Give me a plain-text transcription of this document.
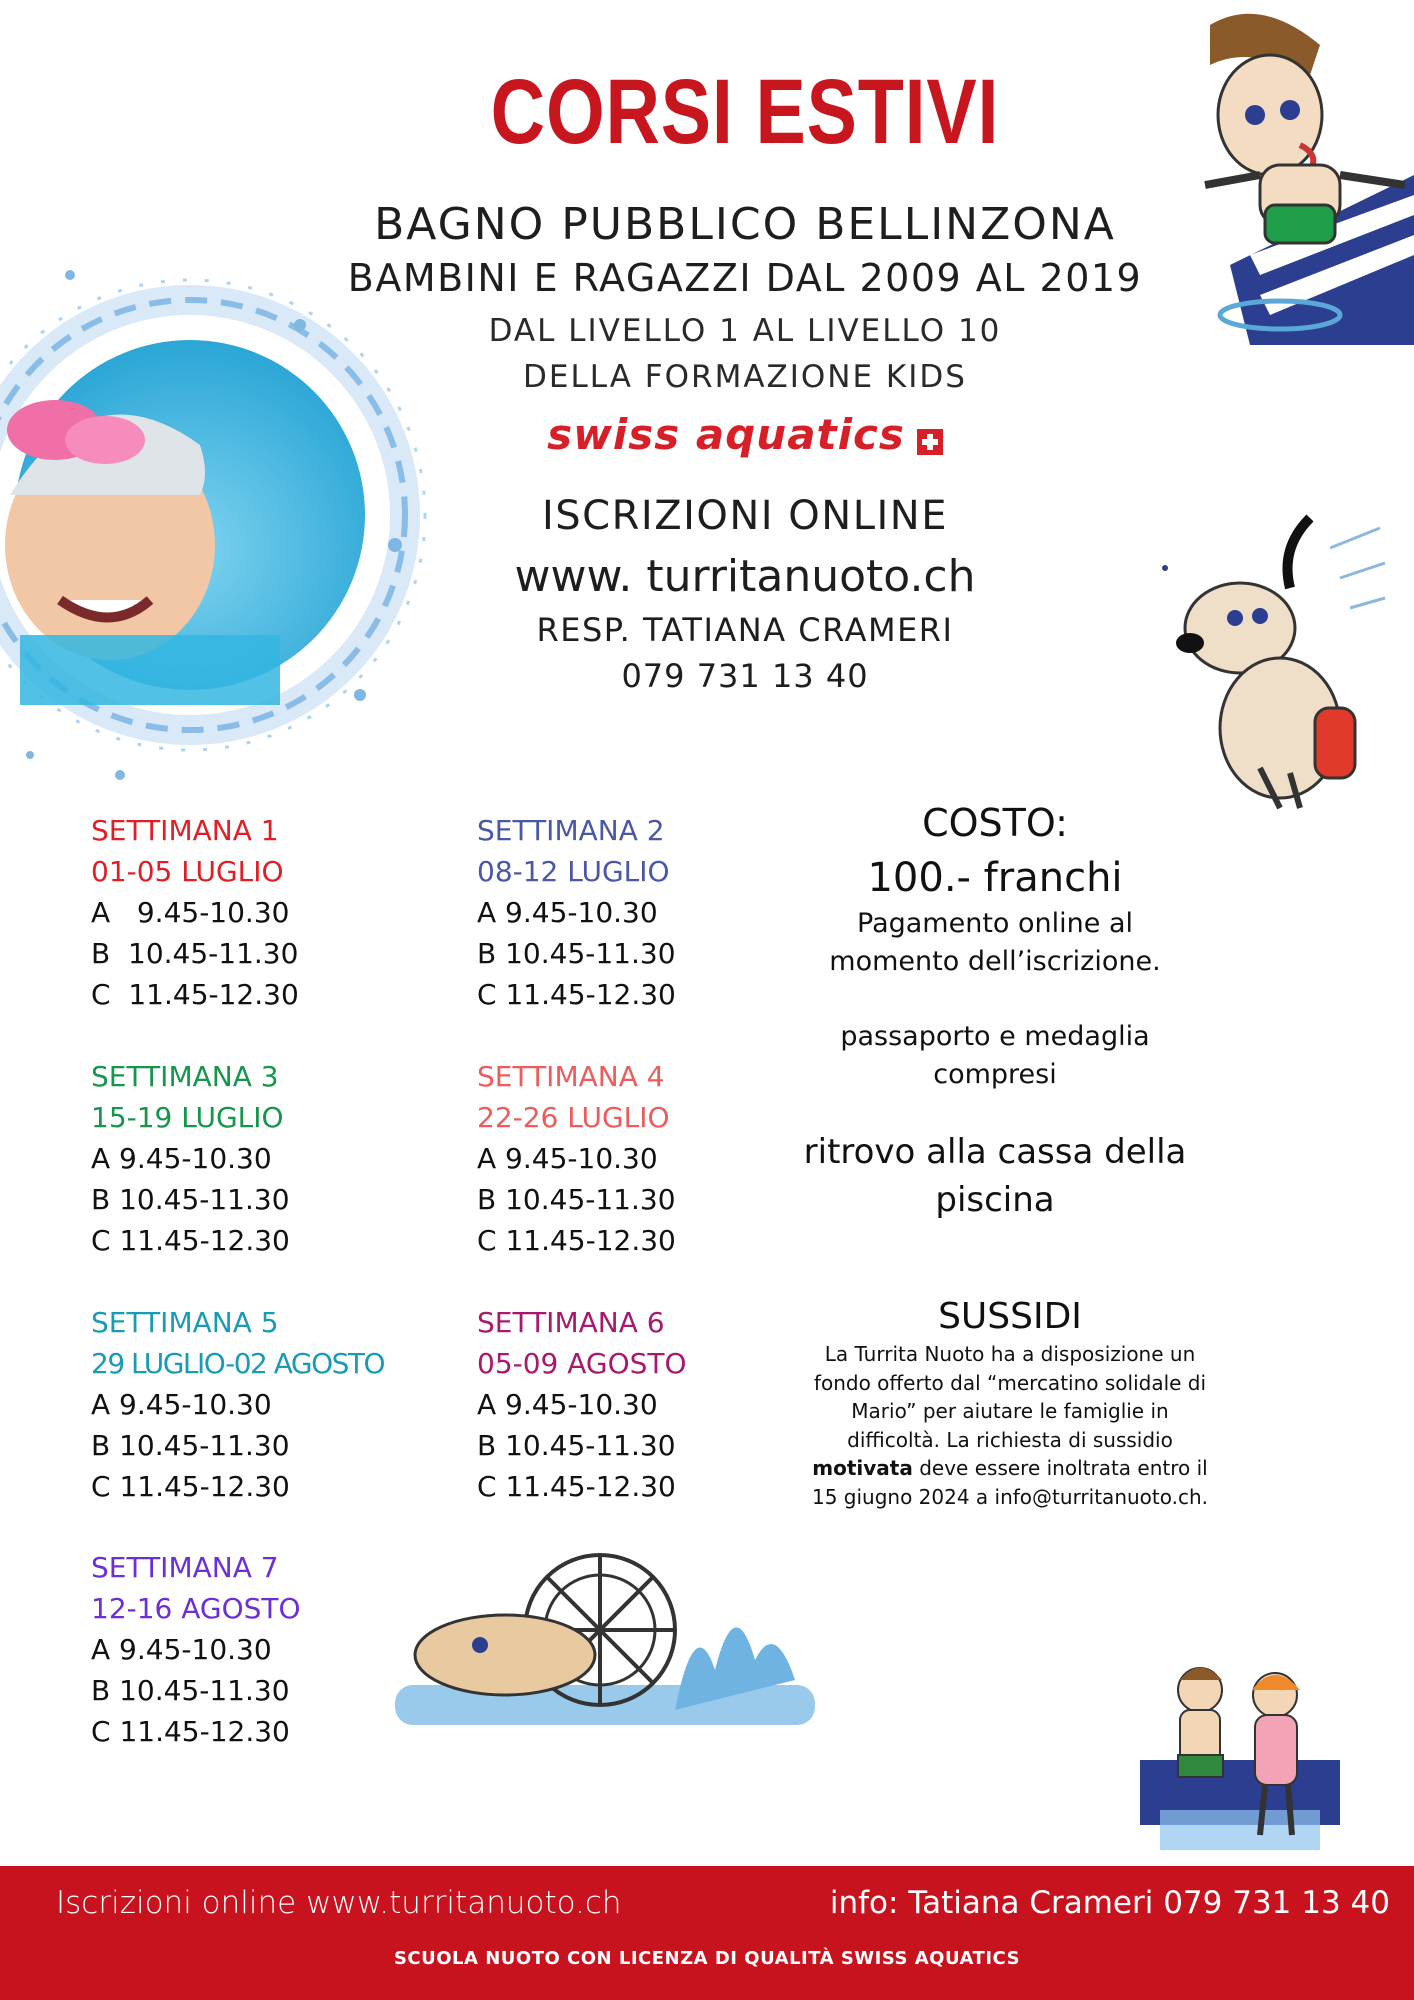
CORSI ESTIVI
BAGNO PUBBLICO BELLINZONA
BAMBINI E RAGAZZI DAL 2009 AL 2019
DAL LIVELLO 1 AL LIVELLO 10
DELLA FORMAZIONE KIDS
swiss aquatics
ISCRIZIONI ONLINE
www. turritanuoto.ch
RESP. TATIANA CRAMERI
079 731 13 40
SETTIMANA 1
01-05 LUGLIO
A   9.45-10.30
B  10.45-11.30
C  11.45-12.30
SETTIMANA 2
08-12 LUGLIO
A 9.45-10.30
B 10.45-11.30
C 11.45-12.30
SETTIMANA 3
15-19 LUGLIO
A 9.45-10.30
B 10.45-11.30
C 11.45-12.30
SETTIMANA 4
22-26 LUGLIO
A 9.45-10.30
B 10.45-11.30
C 11.45-12.30
SETTIMANA 5
29 LUGLIO-02 AGOSTO
A 9.45-10.30
B 10.45-11.30
C 11.45-12.30
SETTIMANA 6
05-09 AGOSTO
A 9.45-10.30
B 10.45-11.30
C 11.45-12.30
SETTIMANA 7
12-16 AGOSTO
A 9.45-10.30
B 10.45-11.30
C 11.45-12.30
COSTO:
100.- franchi
Pagamento online al momento dell’iscrizione.
passaporto e medaglia compresi
ritrovo alla cassa della piscina
SUSSIDI
La Turrita Nuoto ha a disposizione un fondo offerto dal “mercatino solidale di Mario” per aiutare le famiglie in difficoltà. La richiesta di sussidio motivata deve essere inoltrata entro il 15 giugno 2024 a info@turritanuoto.ch.
Iscrizioni online www.turritanuoto.ch	info: Tatiana Crameri 079 731 13 40
SCUOLA NUOTO CON LICENZA DI QUALITÀ SWISS AQUATICS
